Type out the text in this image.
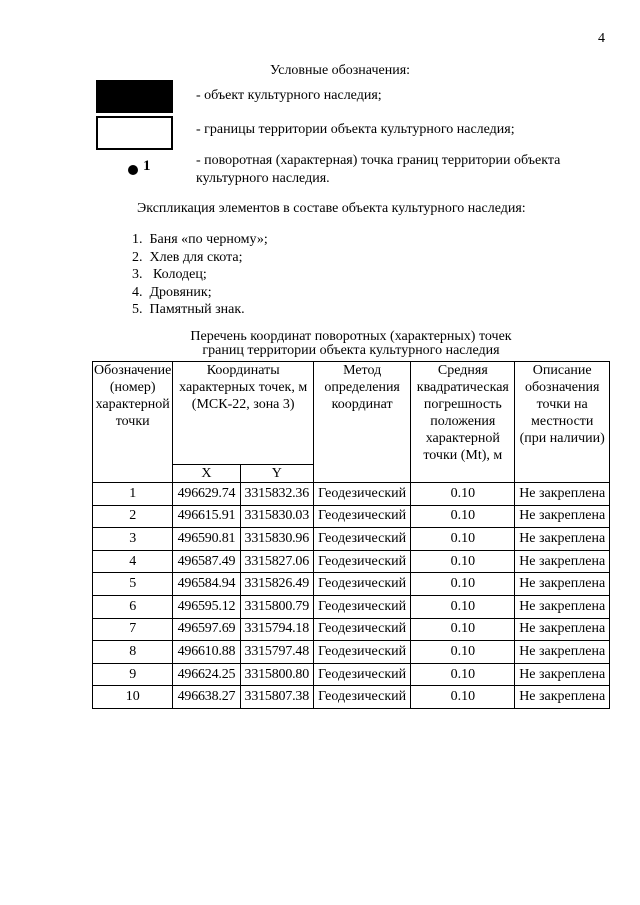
4
Условные обозначения:
- объект культурного наследия;
- границы территории объекта культурного наследия;
1	- поворотная (характерная) точка границ территории объекта культурного наследия.
Экспликация элементов в составе объекта культурного наследия:
1.  Баня «по черному»;
2.  Хлев для скота;
3.   Колодец;
4.  Дровяник;
5.  Памятный знак.
Перечень координат поворотных (характерных) точек
границ территории объекта культурного наследия
Обозначение (номер) характерной точки	Координаты характерных точек, м (МСК-22, зона 3)		Метод определения координат	Средняя квадратическая погрешность положения характерной точки (Mt), м	Описание обозначения точки на местности (при наличии)
	X	Y			
1	496629.74	3315832.36	Геодезический	0.10	Не закреплена
2	496615.91	3315830.03	Геодезический	0.10	Не закреплена
3	496590.81	3315830.96	Геодезический	0.10	Не закреплена
4	496587.49	3315827.06	Геодезический	0.10	Не закреплена
5	496584.94	3315826.49	Геодезический	0.10	Не закреплена
6	496595.12	3315800.79	Геодезический	0.10	Не закреплена
7	496597.69	3315794.18	Геодезический	0.10	Не закреплена
8	496610.88	3315797.48	Геодезический	0.10	Не закреплена
9	496624.25	3315800.80	Геодезический	0.10	Не закреплена
10	496638.27	3315807.38	Геодезический	0.10	Не закреплена
